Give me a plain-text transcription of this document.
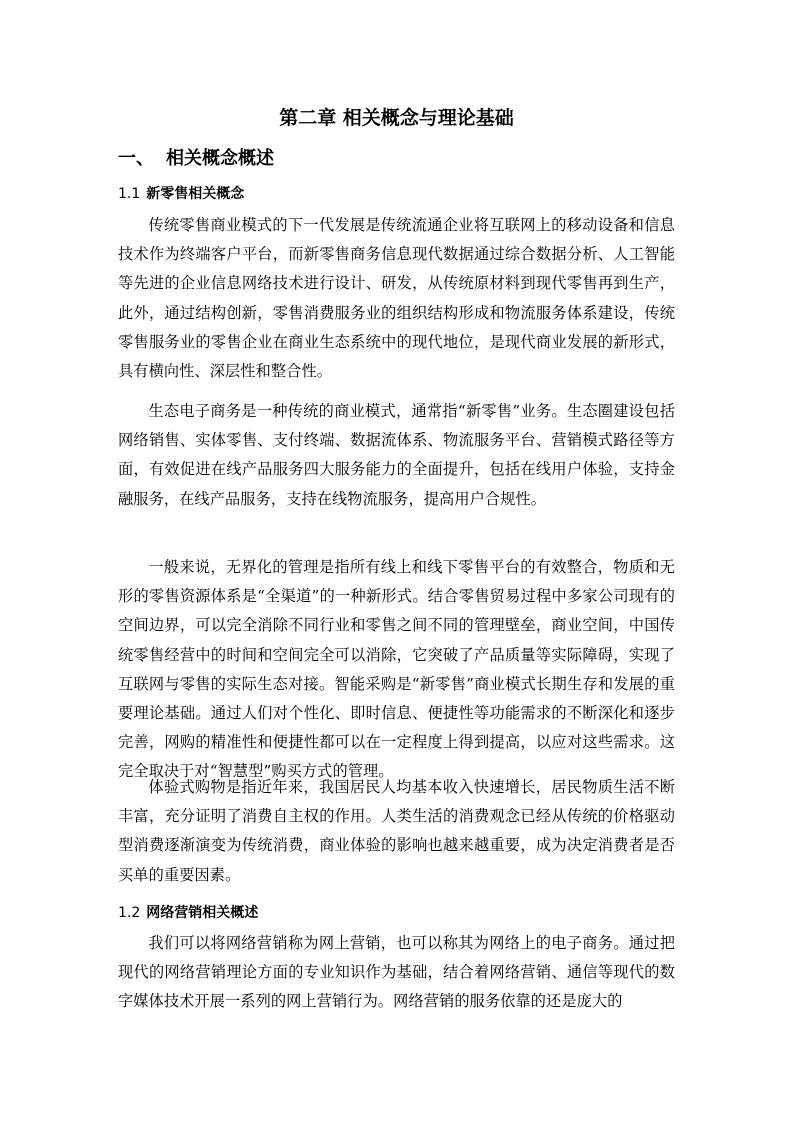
第二章 相关概念与理论基础
一、 相关概念概述
1.1 新零售相关概念

传统零售商业模式的下一代发展是传统流通企业将互联网上的移动设备和信息技术作为终端客户平台，而新零售商务信息现代数据通过综合数据分析、人工智能等先进的企业信息网络技术进行设计、研发，从传统原材料到现代零售再到生产，此外，通过结构创新，零售消费服务业的组织结构形成和物流服务体系建设，传统零售服务业的零售企业在商业生态系统中的现代地位，是现代商业发展的新形式，具有横向性、深层性和整合性。

生态电子商务是一种传统的商业模式，通常指“新零售”业务。生态圈建设包括网络销售、实体零售、支付终端、数据流体系、物流服务平台、营销模式路径等方面，有效促进在线产品服务四大服务能力的全面提升，包括在线用户体验，支持金融服务，在线产品服务，支持在线物流服务，提高用户合规性。

一般来说，无界化的管理是指所有线上和线下零售平台的有效整合，物质和无形的零售资源体系是“全渠道”的一种新形式。结合零售贸易过程中多家公司现有的空间边界，可以完全消除不同行业和零售之间不同的管理壁垒，商业空间，中国传统零售经营中的时间和空间完全可以消除，它突破了产品质量等实际障碍，实现了互联网与零售的实际生态对接。智能采购是“新零售”商业模式长期生存和发展的重要理论基础。通过人们对个性化、即时信息、便捷性等功能需求的不断深化和逐步完善，网购的精准性和便捷性都可以在一定程度上得到提高，以应对这些需求。这完全取决于对“智慧型”购买方式的管理。

体验式购物是指近年来，我国居民人均基本收入快速增长，居民物质生活不断丰富，充分证明了消费自主权的作用。人类生活的消费观念已经从传统的价格驱动型消费逐渐演变为传统消费，商业体验的影响也越来越重要，成为决定消费者是否买单的重要因素。

1.2 网络营销相关概述

我们可以将网络营销称为网上营销，也可以称其为网络上的电子商务。通过把现代的网络营销理论方面的专业知识作为基础，结合着网络营销、通信等现代的数字媒体技术开展一系列的网上营销行为。网络营销的服务依靠的还是庞大的
